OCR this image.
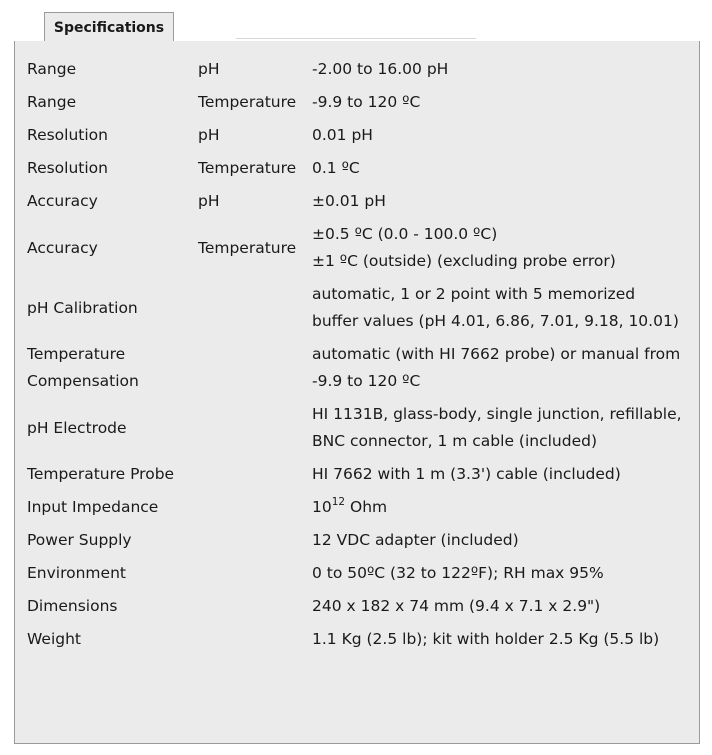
Specifications
Range	pH	-2.00 to 16.00 pH
Range	Temperature	-9.9 to 120 ºC
Resolution	pH	0.01 pH
Resolution	Temperature	0.1 ºC
Accuracy	pH	±0.01 pH
Accuracy	Temperature	±0.5 ºC (0.0 - 100.0 ºC)
±1 ºC (outside) (excluding probe error)

pH Calibration		automatic, 1 or 2 point with 5 memorized buffer values (pH 4.01, 6.86, 7.01, 9.18, 10.01)
Temperature Compensation		automatic (with HI 7662 probe) or manual from -9.9 to 120 ºC
pH Electrode		HI 1131B, glass-body, single junction, refillable, BNC connector, 1 m cable (included)
Temperature Probe		HI 7662 with 1 m (3.3') cable (included)
Input Impedance		$10^{12}$ Ohm
Power Supply		12 VDC adapter (included)
Environment		0 to 50ºC (32 to 122ºF); RH max 95%
Dimensions		240 x 182 x 74 mm (9.4 x 7.1 x 2.9")
Weight		1.1 Kg (2.5 lb); kit with holder 2.5 Kg (5.5 lb)
